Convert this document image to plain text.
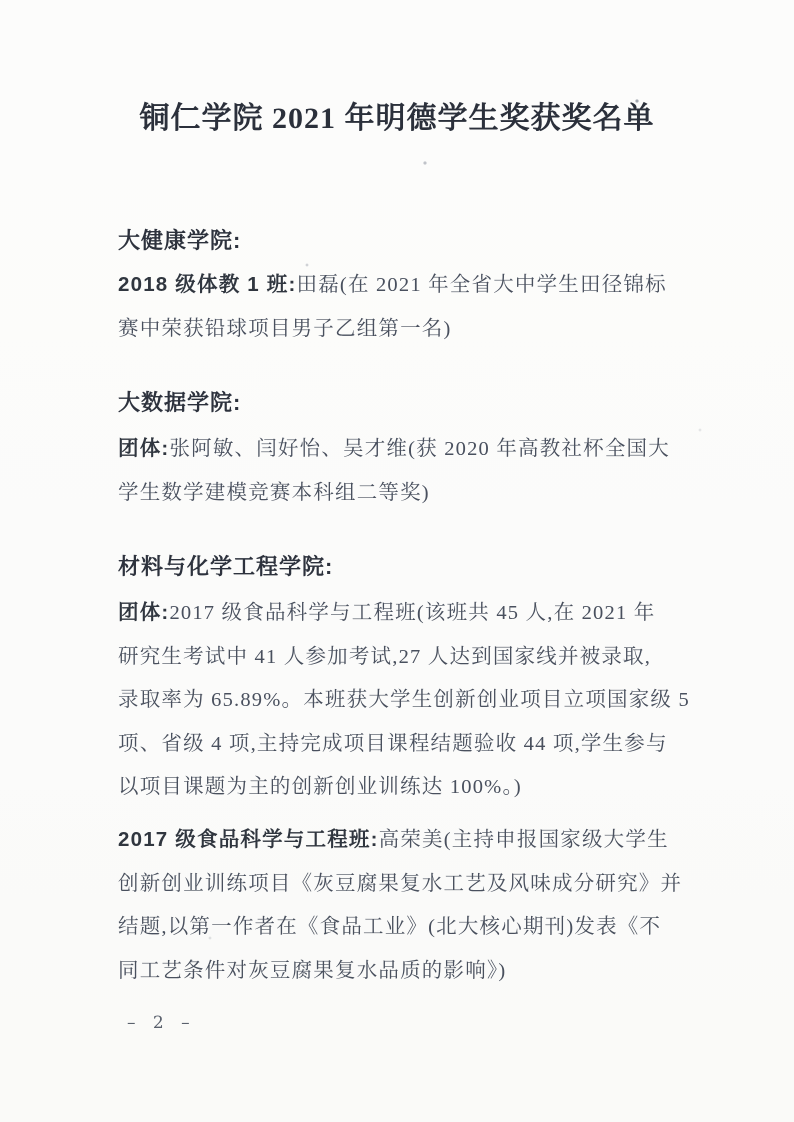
铜仁学院 2021 年明德学生奖获奖名单
大健康学院:
2018 级体教 1 班:田磊(在 2021 年全省大中学生田径锦标
赛中荣获铅球项目男子乙组第一名)
大数据学院:
团体:张阿敏、闫好怡、吴才维(获 2020 年高教社杯全国大
学生数学建模竞赛本科组二等奖)
材料与化学工程学院:
团体:2017 级食品科学与工程班(该班共 45 人,在 2021 年
研究生考试中 41 人参加考试,27 人达到国家线并被录取,
录取率为 65.89%。本班获大学生创新创业项目立项国家级 5
项、省级 4 项,主持完成项目课程结题验收 44 项,学生参与
以项目课题为主的创新创业训练达 100%。)
2017 级食品科学与工程班:高荣美(主持申报国家级大学生
创新创业训练项目《灰豆腐果复水工艺及风味成分研究》并
结题,以第一作者在《食品工业》(北大核心期刊)发表《不
同工艺条件对灰豆腐果复水品质的影响》)
– 2 –
